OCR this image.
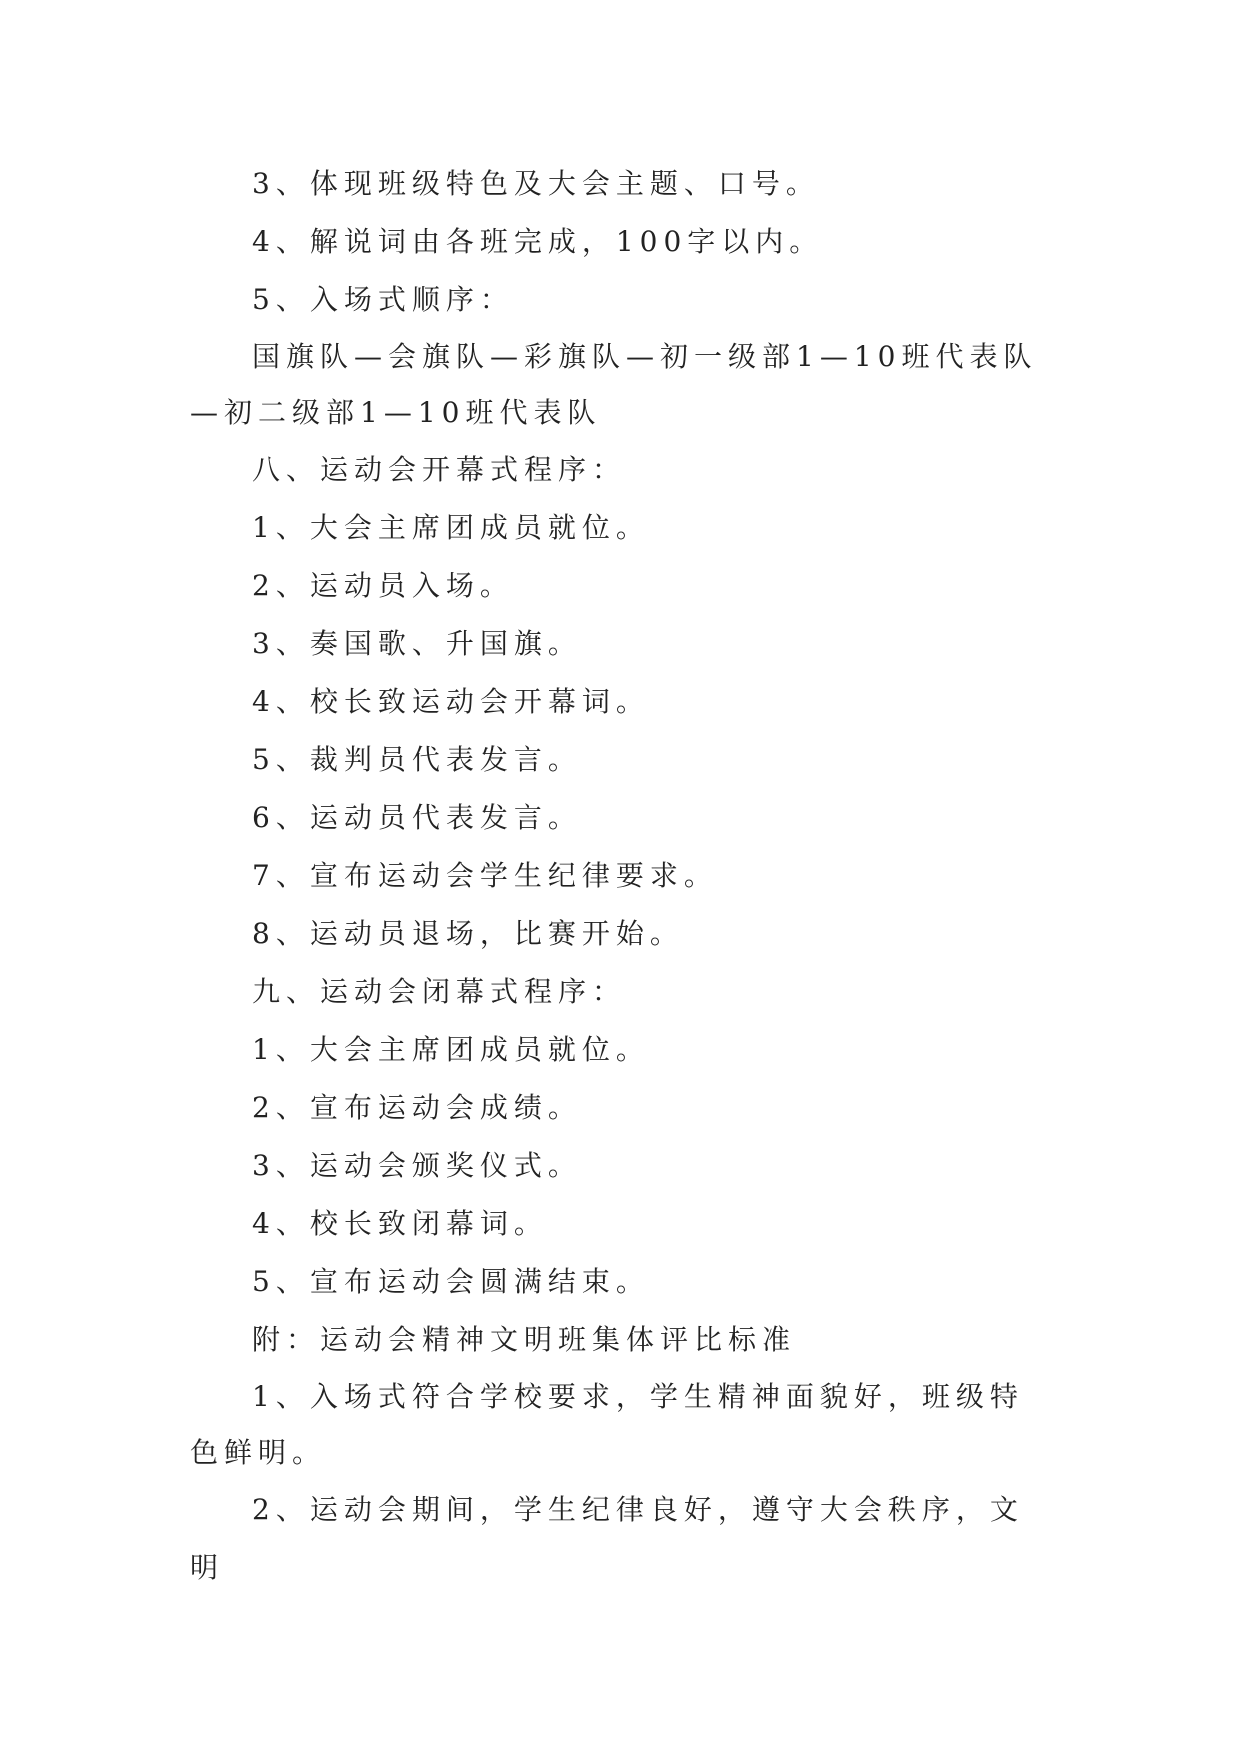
3、体现班级特色及大会主题、口号。

4、解说词由各班完成，100字以内。

5、入场式顺序：

国旗队—会旗队—彩旗队—初一级部1—10班代表队—初二级部1—10班代表队

八、运动会开幕式程序：

1、大会主席团成员就位。

2、运动员入场。

3、奏国歌、升国旗。

4、校长致运动会开幕词。

5、裁判员代表发言。

6、运动员代表发言。

7、宣布运动会学生纪律要求。

8、运动员退场，比赛开始。

九、运动会闭幕式程序：

1、大会主席团成员就位。

2、宣布运动会成绩。

3、运动会颁奖仪式。

4、校长致闭幕词。

5、宣布运动会圆满结束。

附：运动会精神文明班集体评比标准

1、入场式符合学校要求，学生精神面貌好，班级特色鲜明。

2、运动会期间，学生纪律良好，遵守大会秩序，文明
